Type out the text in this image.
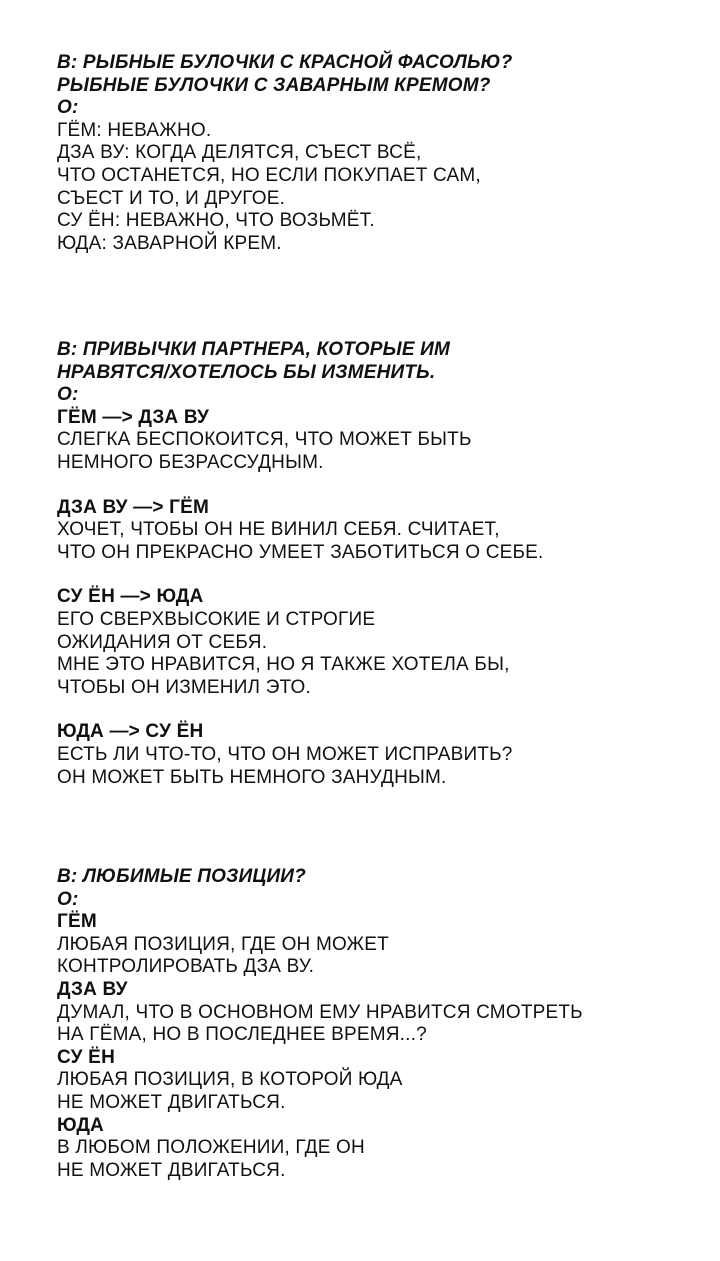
В: РЫБНЫЕ БУЛОЧКИ С КРАСНОЙ ФАСОЛЬЮ?
РЫБНЫЕ БУЛОЧКИ С ЗАВАРНЫМ КРЕМОМ?
О:
ГЁМ: НЕВАЖНО.
ДЗА ВУ: КОГДА ДЕЛЯТСЯ, СЪЕСТ ВСЁ,
ЧТО ОСТАНЕТСЯ, НО ЕСЛИ ПОКУПАЕТ САМ,
СЪЕСТ И ТО, И ДРУГОЕ.
СУ ЁН: НЕВАЖНО, ЧТО ВОЗЬМЁТ.
ЮДА: ЗАВАРНОЙ КРЕМ.
В: ПРИВЫЧКИ ПАРТНЕРА, КОТОРЫЕ ИМ
НРАВЯТСЯ/ХОТЕЛОСЬ БЫ ИЗМЕНИТЬ.
О:
ГЁМ —> ДЗА ВУ
СЛЕГКА БЕСПОКОИТСЯ, ЧТО МОЖЕТ БЫТЬ
НЕМНОГО БЕЗРАССУДНЫМ.
ДЗА ВУ —> ГЁМ
ХОЧЕТ, ЧТОБЫ ОН НЕ ВИНИЛ СЕБЯ. СЧИТАЕТ,
ЧТО ОН ПРЕКРАСНО УМЕЕТ ЗАБОТИТЬСЯ О СЕБЕ.
СУ ЁН —> ЮДА
ЕГО СВЕРХВЫСОКИЕ И СТРОГИЕ
ОЖИДАНИЯ ОТ СЕБЯ.
МНЕ ЭТО НРАВИТСЯ, НО Я ТАКЖЕ ХОТЕЛА БЫ,
ЧТОБЫ ОН ИЗМЕНИЛ ЭТО.
ЮДА —> СУ ЁН
ЕСТЬ ЛИ ЧТО-ТО, ЧТО ОН МОЖЕТ ИСПРАВИТЬ?
ОН МОЖЕТ БЫТЬ НЕМНОГО ЗАНУДНЫМ.
В: ЛЮБИМЫЕ ПОЗИЦИИ?
О:
ГЁМ
ЛЮБАЯ ПОЗИЦИЯ, ГДЕ ОН МОЖЕТ
КОНТРОЛИРОВАТЬ ДЗА ВУ.
ДЗА ВУ
ДУМАЛ, ЧТО В ОСНОВНОМ ЕМУ НРАВИТСЯ СМОТРЕТЬ
НА ГЁМА, НО В ПОСЛЕДНЕЕ ВРЕМЯ...?
СУ ЁН
ЛЮБАЯ ПОЗИЦИЯ, В КОТОРОЙ ЮДА
НЕ МОЖЕТ ДВИГАТЬСЯ.
ЮДА
В ЛЮБОМ ПОЛОЖЕНИИ, ГДЕ ОН
НЕ МОЖЕТ ДВИГАТЬСЯ.
